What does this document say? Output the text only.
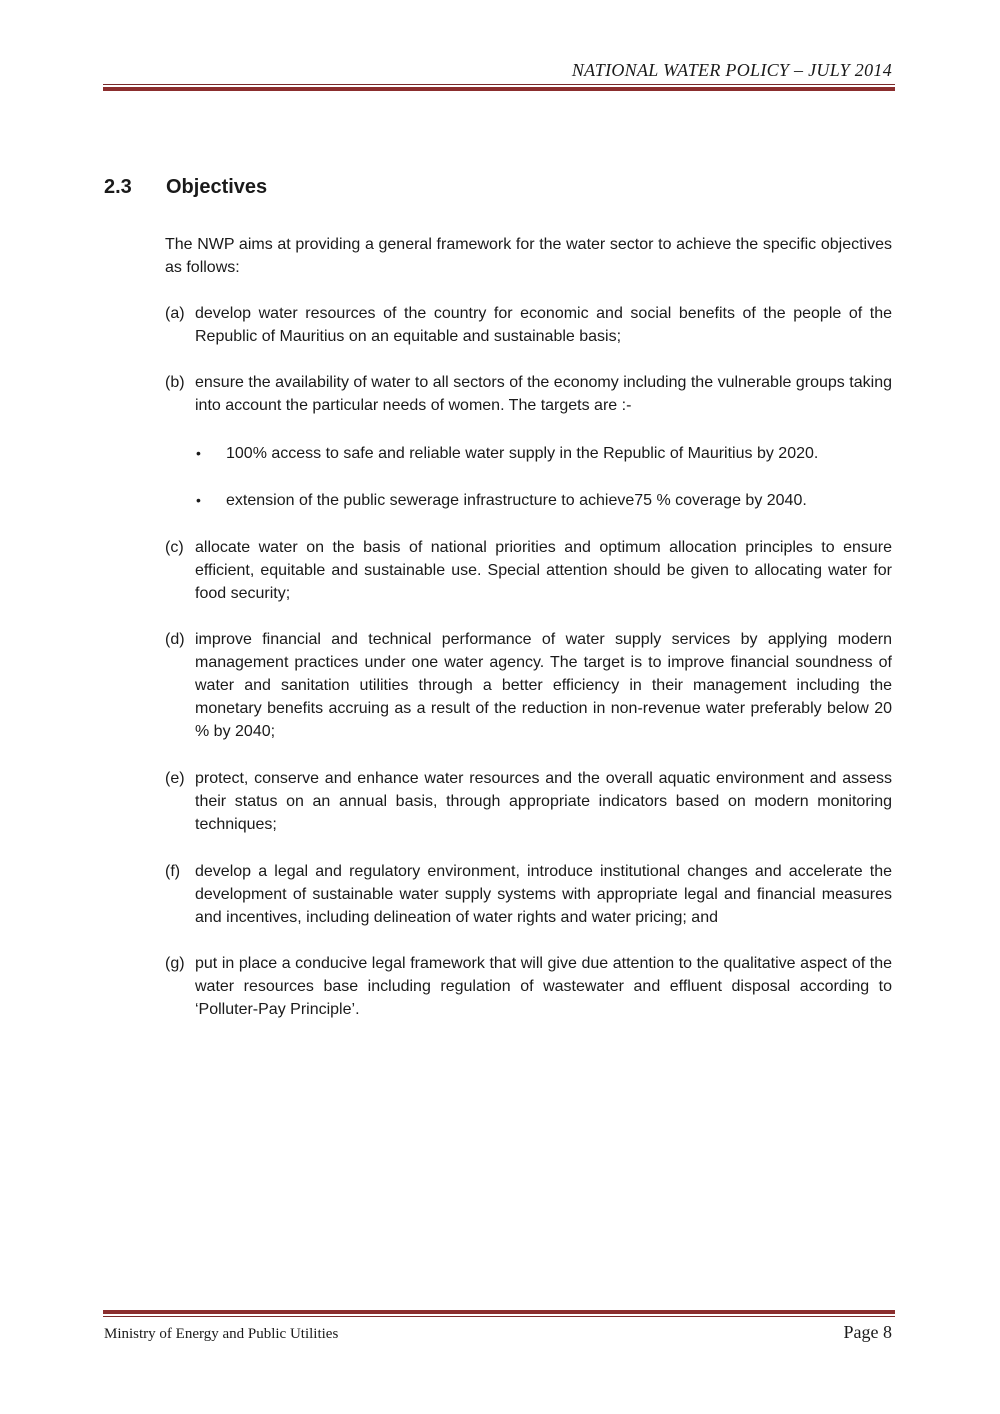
NATIONAL WATER POLICY – JULY 2014
2.3 Objectives
The NWP aims at providing a general framework for the water sector to achieve the specific objectives as follows:
(a) develop water resources of the country for economic and social benefits of the people of the Republic of Mauritius on an equitable and sustainable basis;
(b) ensure the availability of water to all sectors of the economy including the vulnerable groups taking into account the particular needs of women. The targets are :-
•	100% access to safe and reliable water supply in the Republic of Mauritius by 2020.
•	extension of the public sewerage infrastructure to achieve75 % coverage by 2040.
(c) allocate water on the basis of national priorities and optimum allocation principles to ensure efficient, equitable and sustainable use. Special attention should be given to allocating water for food security;
(d) improve financial and technical performance of water supply services by applying modern management practices under one water agency. The target is to improve financial soundness of water and sanitation utilities through a better efficiency in their management including the monetary benefits accruing as a result of the reduction in non-revenue water preferably below 20 % by 2040;
(e) protect, conserve and enhance water resources and the overall aquatic environment and assess their status on an annual basis, through appropriate indicators based on modern monitoring techniques;
(f) develop a legal and regulatory environment, introduce institutional changes and accelerate the development of sustainable water supply systems with appropriate legal and financial measures and incentives, including delineation of water rights and water pricing; and
(g) put in place a conducive legal framework that will give due attention to the qualitative aspect of the water resources base including regulation of wastewater and effluent disposal according to ‘Polluter-Pay Principle’.
Ministry of Energy and Public Utilities	Page 8
